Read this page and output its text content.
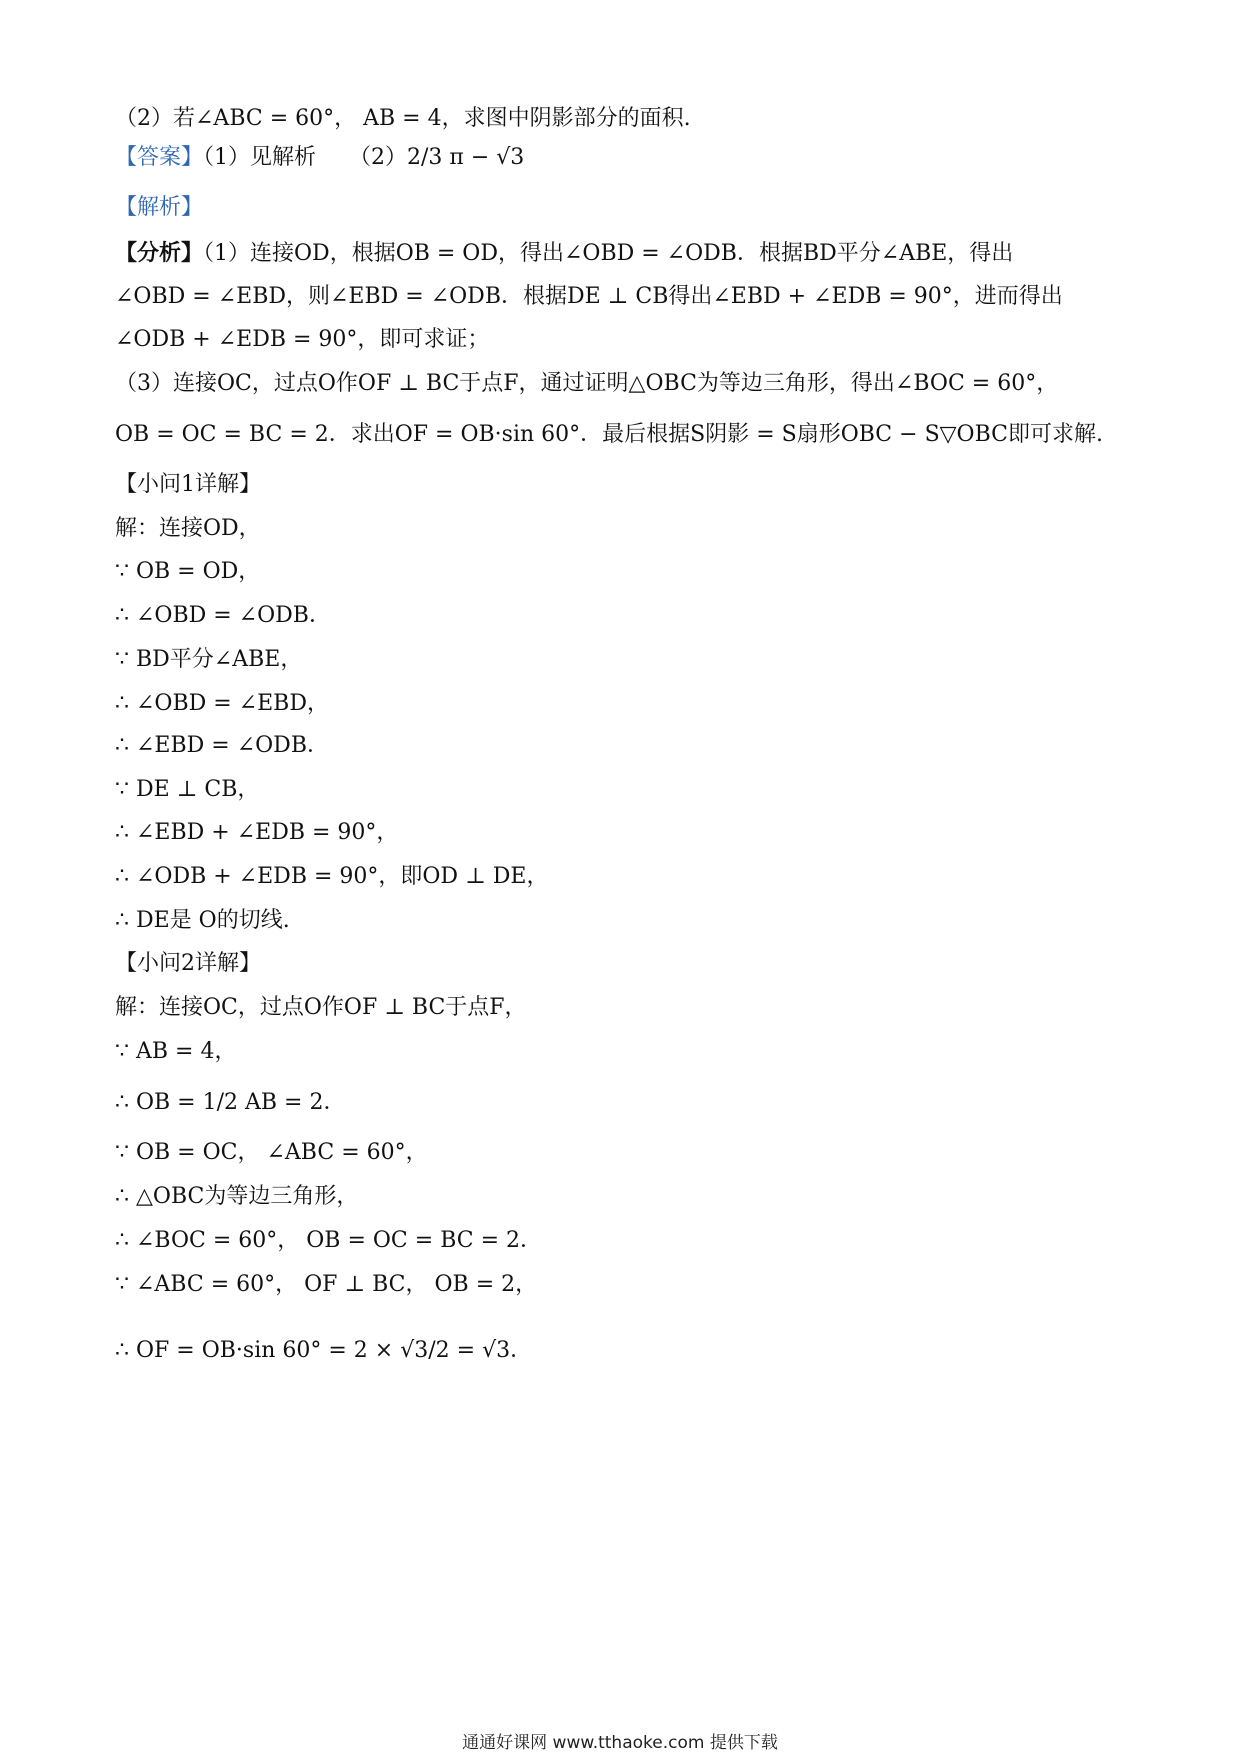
（2）若∠ABC = 60°， AB = 4，求图中阴影部分的面积.
【答案】（1）见解析　　（2）2/3 π − √3
【解析】
【分析】（1）连接OD，根据OB = OD，得出∠OBD = ∠ODB．根据BD平分∠ABE，得出
∠OBD = ∠EBD，则∠EBD = ∠ODB．根据DE ⊥ CB得出∠EBD + ∠EDB = 90°，进而得出
∠ODB + ∠EDB = 90°，即可求证；
（3）连接OC，过点O作OF ⊥ BC于点F，通过证明△OBC为等边三角形，得出∠BOC = 60°，
OB = OC = BC = 2．求出OF = OB·sin 60°．最后根据S阴影 = S扇形OBC − S▽OBC即可求解.
【小问1详解】
解：连接OD，
∵ OB = OD，
∴ ∠OBD = ∠ODB．
∵ BD平分∠ABE，
∴ ∠OBD = ∠EBD，
∴ ∠EBD = ∠ODB．
∵ DE ⊥ CB，
∴ ∠EBD + ∠EDB = 90°，
∴ ∠ODB + ∠EDB = 90°，即OD ⊥ DE，
∴ DE是 O的切线.
【小问2详解】
解：连接OC，过点O作OF ⊥ BC于点F，
∵ AB = 4，
∴ OB = 1/2 AB = 2．
∵ OB = OC， ∠ABC = 60°，
∴ △OBC为等边三角形，
∴ ∠BOC = 60°， OB = OC = BC = 2．
∵ ∠ABC = 60°， OF ⊥ BC， OB = 2，
∴ OF = OB·sin 60° = 2 × √3/2 = √3．
通通好课网 www.tthaoke.com 提供下载
